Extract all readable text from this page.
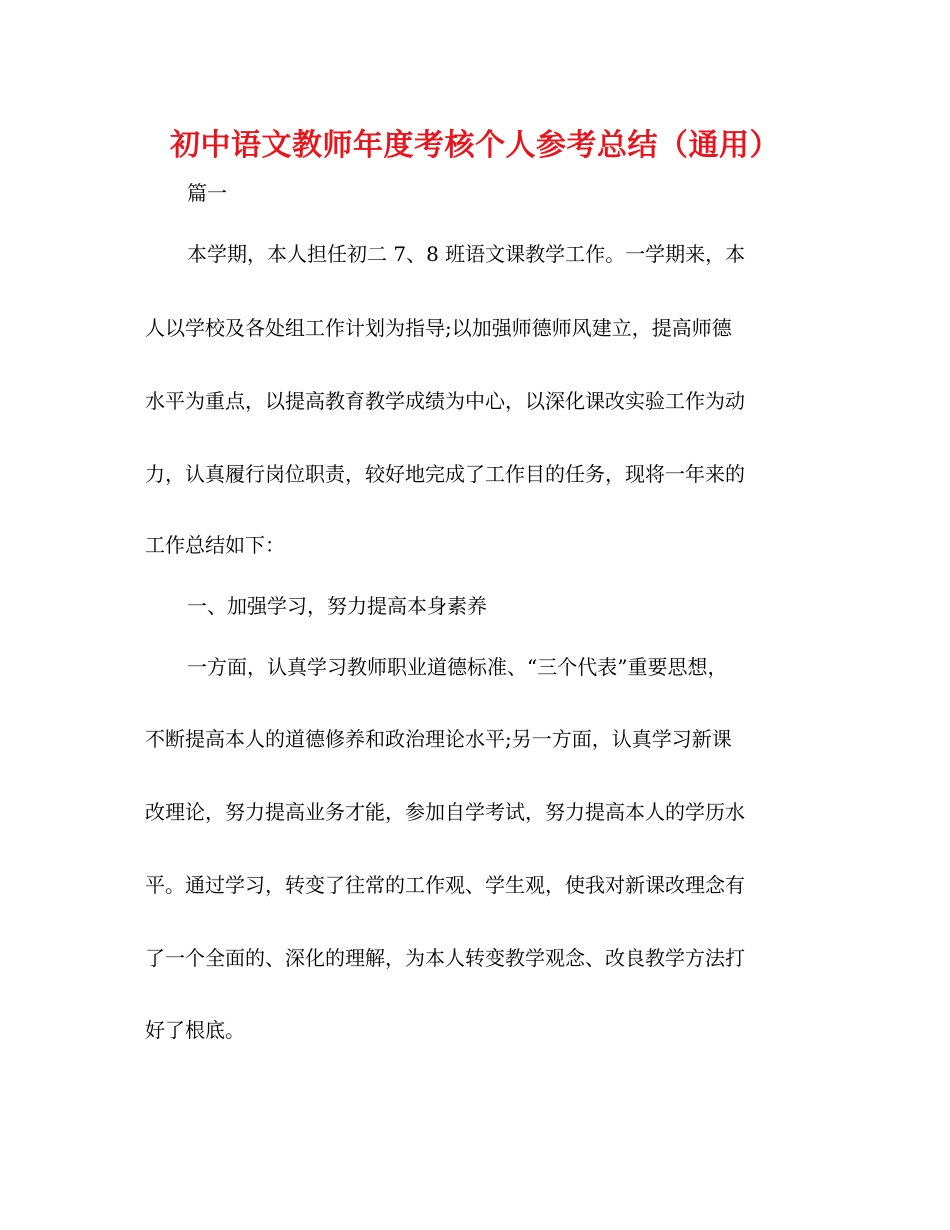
初中语文教师年度考核个人参考总结（通用）

篇一

本学期，本人担任初二 7、8 班语文课教学工作。一学期来，本

人以学校及各处组工作计划为指导;以加强师德师风建立，提高师德

水平为重点，以提高教育教学成绩为中心，以深化课改实验工作为动

力，认真履行岗位职责，较好地完成了工作目的任务，现将一年来的

工作总结如下：

一、加强学习，努力提高本身素养

一方面，认真学习教师职业道德标准、“三个代表”重要思想，

不断提高本人的道德修养和政治理论水平;另一方面，认真学习新课

改理论，努力提高业务才能，参加自学考试，努力提高本人的学历水

平。通过学习，转变了往常的工作观、学生观，使我对新课改理念有

了一个全面的、深化的理解，为本人转变教学观念、改良教学方法打

好了根底。
